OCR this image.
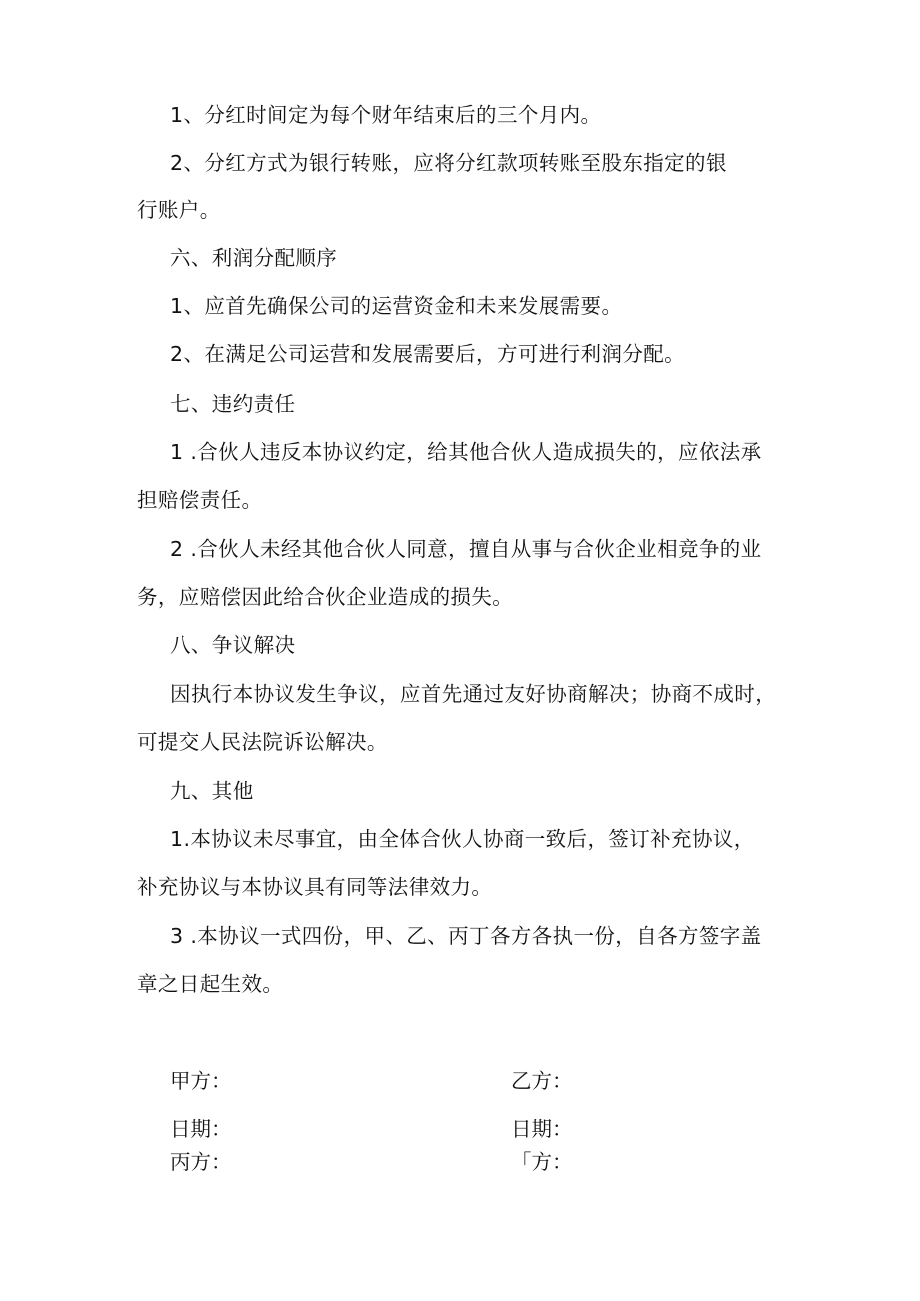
1、分红时间定为每个财年结束后的三个月内。
2、分红方式为银行转账，应将分红款项转账至股东指定的银
行账户。
六、利润分配顺序
1、应首先确保公司的运营资金和未来发展需要。
2、在满足公司运营和发展需要后，方可进行利润分配。
七、违约责任
1 .合伙人违反本协议约定，给其他合伙人造成损失的，应依法承
担赔偿责任。
2 .合伙人未经其他合伙人同意，擅自从事与合伙企业相竞争的业
务，应赔偿因此给合伙企业造成的损失。
八、争议解决
因执行本协议发生争议，应首先通过友好协商解决；协商不成时，
可提交人民法院诉讼解决。
九、其他
1.本协议未尽事宜，由全体合伙人协商一致后，签订补充协议，
补充协议与本协议具有同等法律效力。
3 .本协议一式四份，甲、乙、丙丁各方各执一份，自各方签字盖
章之日起生效。
甲方：	乙方：
日期：	日期：
丙方：	「方：
